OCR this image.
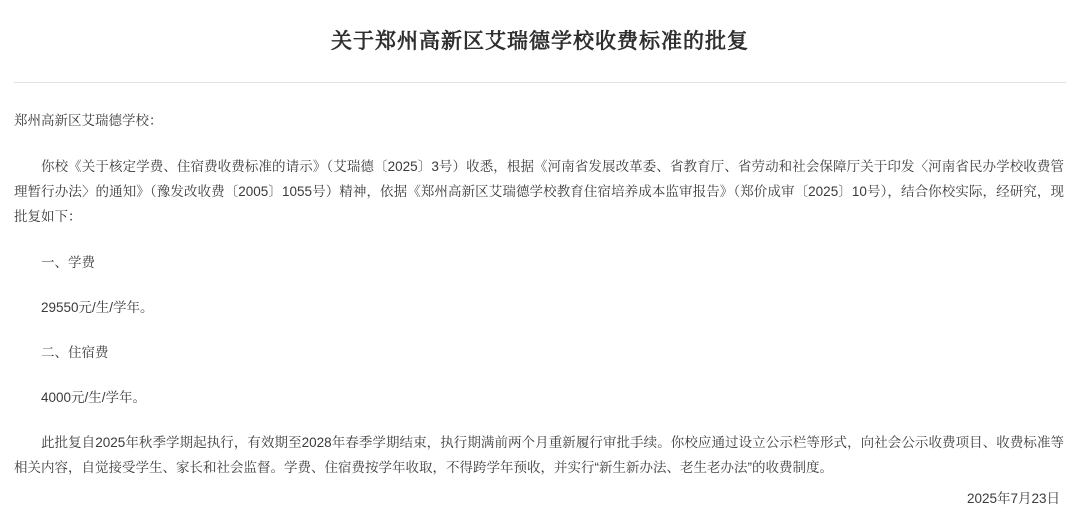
关于郑州高新区艾瑞德学校收费标准的批复

郑州高新区艾瑞德学校：

你校《关于核定学费、住宿费收费标准的请示》（艾瑞德〔2025〕3号）收悉，根据《河南省发展改革委、省教育厅、省劳动和社会保障厅关于印发〈河南省民办学校收费管理暂行办法〉的通知》（豫发改收费〔2005〕1055号）精神，依据《郑州高新区艾瑞德学校教育住宿培养成本监审报告》（郑价成审〔2025〕10号），结合你校实际，经研究，现批复如下：

一、学费

29550元/生/学年。

二、住宿费

4000元/生/学年。

此批复自2025年秋季学期起执行，有效期至2028年春季学期结束，执行期满前两个月重新履行审批手续。你校应通过设立公示栏等形式，向社会公示收费项目、收费标准等相关内容，自觉接受学生、家长和社会监督。学费、住宿费按学年收取，不得跨学年预收，并实行“新生新办法、老生老办法”的收费制度。

2025年7月23日
